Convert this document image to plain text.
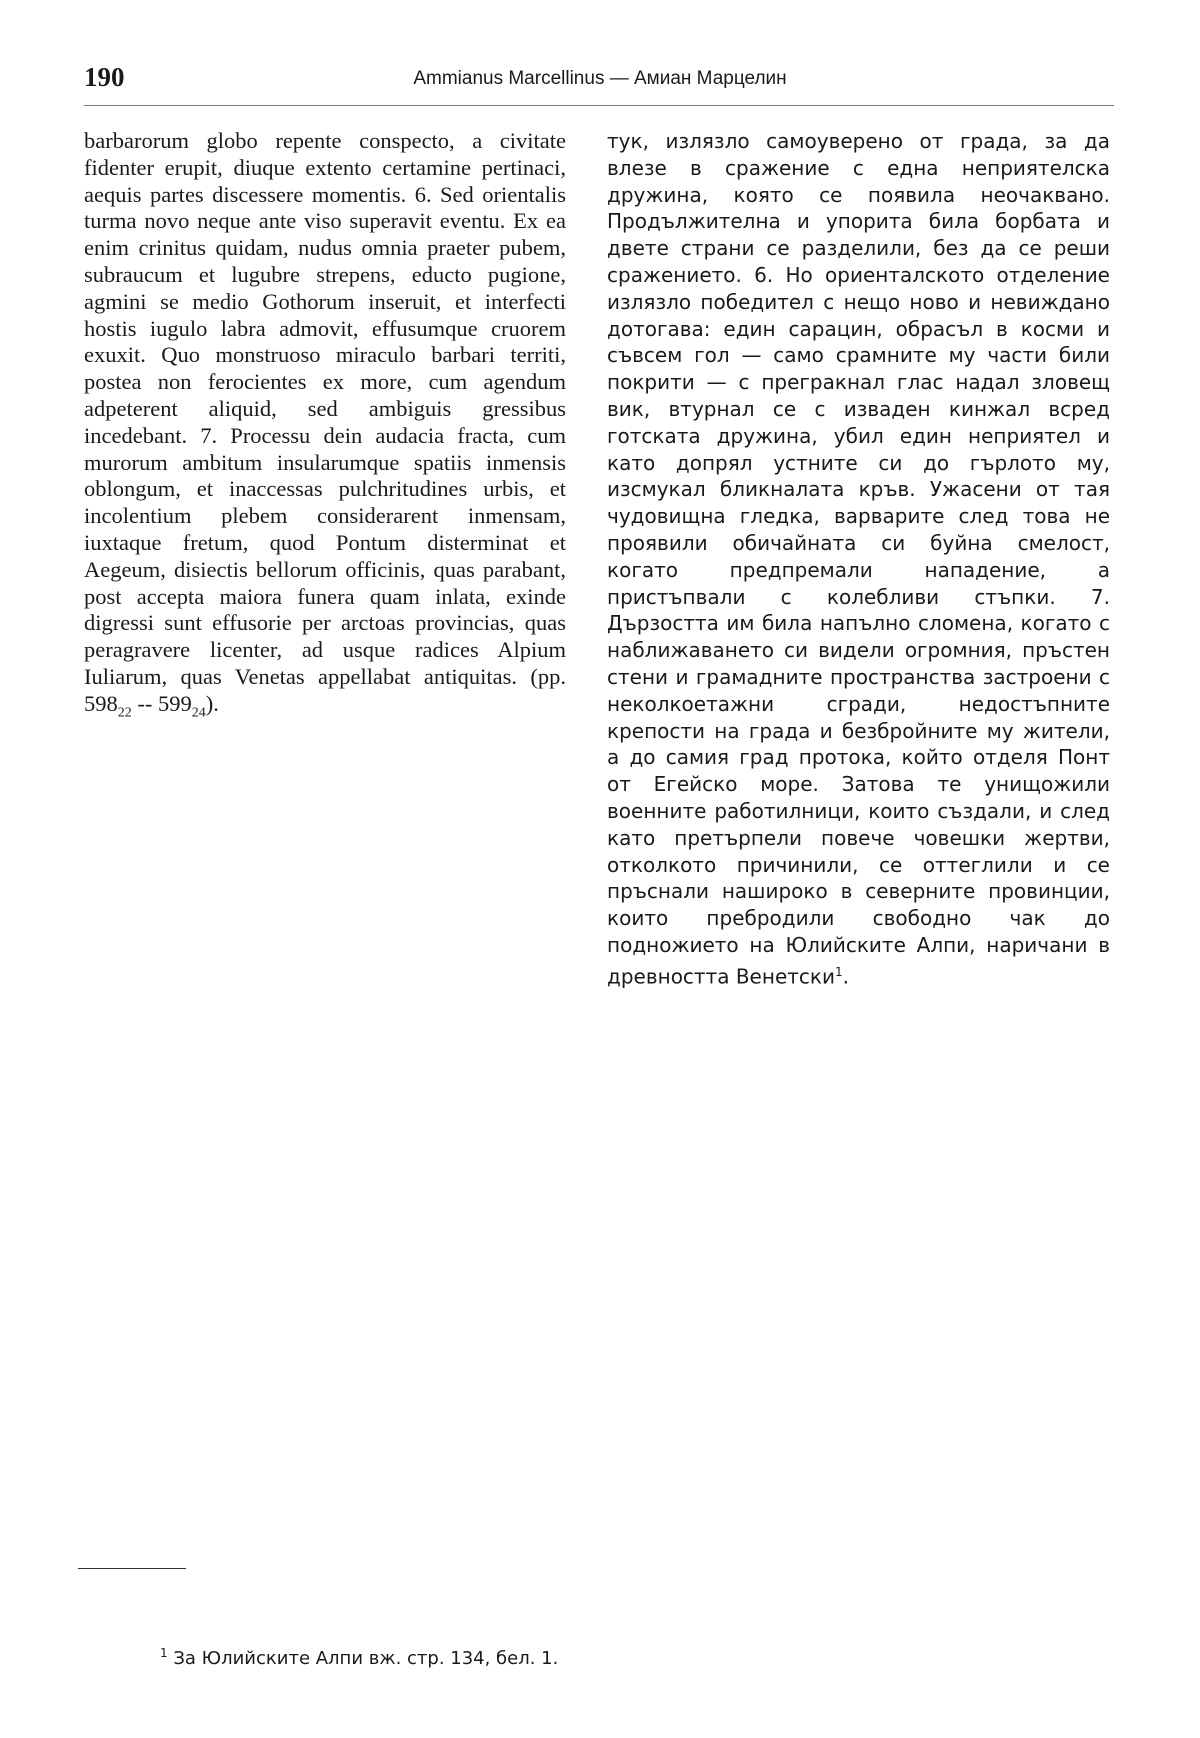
190	Ammianus Marcellinus — Амиан Марцелин
barbarorum globo repente conspecto, a civitate fidenter erupit, diuque extento certamine pertinaci, aequis partes discessere momentis. 6. Sed orientalis turma novo neque ante viso superavit eventu. Ex ea enim crinitus quidam, nudus omnia praeter pubem, subraucum et lugubre strepens, educto pugione, agmini se medio Gothorum inseruit, et interfecti hostis iugulo labra admovit, effusumque cruorem exuxit. Quo monstruoso miraculo barbari territi, postea non ferocientes ex more, cum agendum adpeterent aliquid, sed ambiguis gressibus incedebant. 7. Processu dein audacia fracta, cum murorum ambitum insularumque spatiis inmensis oblongum, et inaccessas pulchritudines urbis, et incolentium plebem considerarent inmensam, iuxtaque fretum, quod Pontum disterminat et Aegeum, disiectis bellorum officinis, quas parabant, post accepta maiora funera quam inlata, exinde digressi sunt effusorie per arctoas provincias, quas peragravere licenter, ad usque radices Alpium Iuliarum, quas Venetas appellabat antiquitas. (pp. $598_{22} -- 599_{24}$).
тук, излязло самоуверено от града, за да влезе в сражение с една неприятелска дружина, която се появила неочаквано. Продължителна и упорита била борбата и двете страни се разделили, без да се реши сражението. 6. Но ориенталското отделение излязло победител с нещо ново и невиждано дотогава: един сарацин, обрасъл в косми и съвсем гол — само срамните му части били покрити — с прегракнал глас надал зловещ вик, втурнал се с изваден кинжал всред готската дружина, убил един неприятел и като допрял устните си до гърлото му, изсмукал бликналата кръв. Ужасени от тая чудовищна гледка, варварите след това не проявили обичайната си буйна смелост, когато предпремали нападение, а пристъпвали с колебливи стъпки. 7. Дързостта им била напълно сломена, когато с наближаването си видели огромния, пръстен стени и грамадните пространства застроени с неколкоетажни сгради, недостъпните крепости на града и безбройните му жители, а до самия град протока, който отделя Понт от Егейско море. Затова те унищожили военните работилници, които създали, и след като претърпели повече човешки жертви, отколкото причинили, се оттеглили и се пръснали нашироко в северните провинции, които пребродили свободно чак до подножието на Юлийските Алпи, наричани в древността Венетски$^1$.
$^1$ За Юлийските Алпи вж. стр. 134, бел. 1.
